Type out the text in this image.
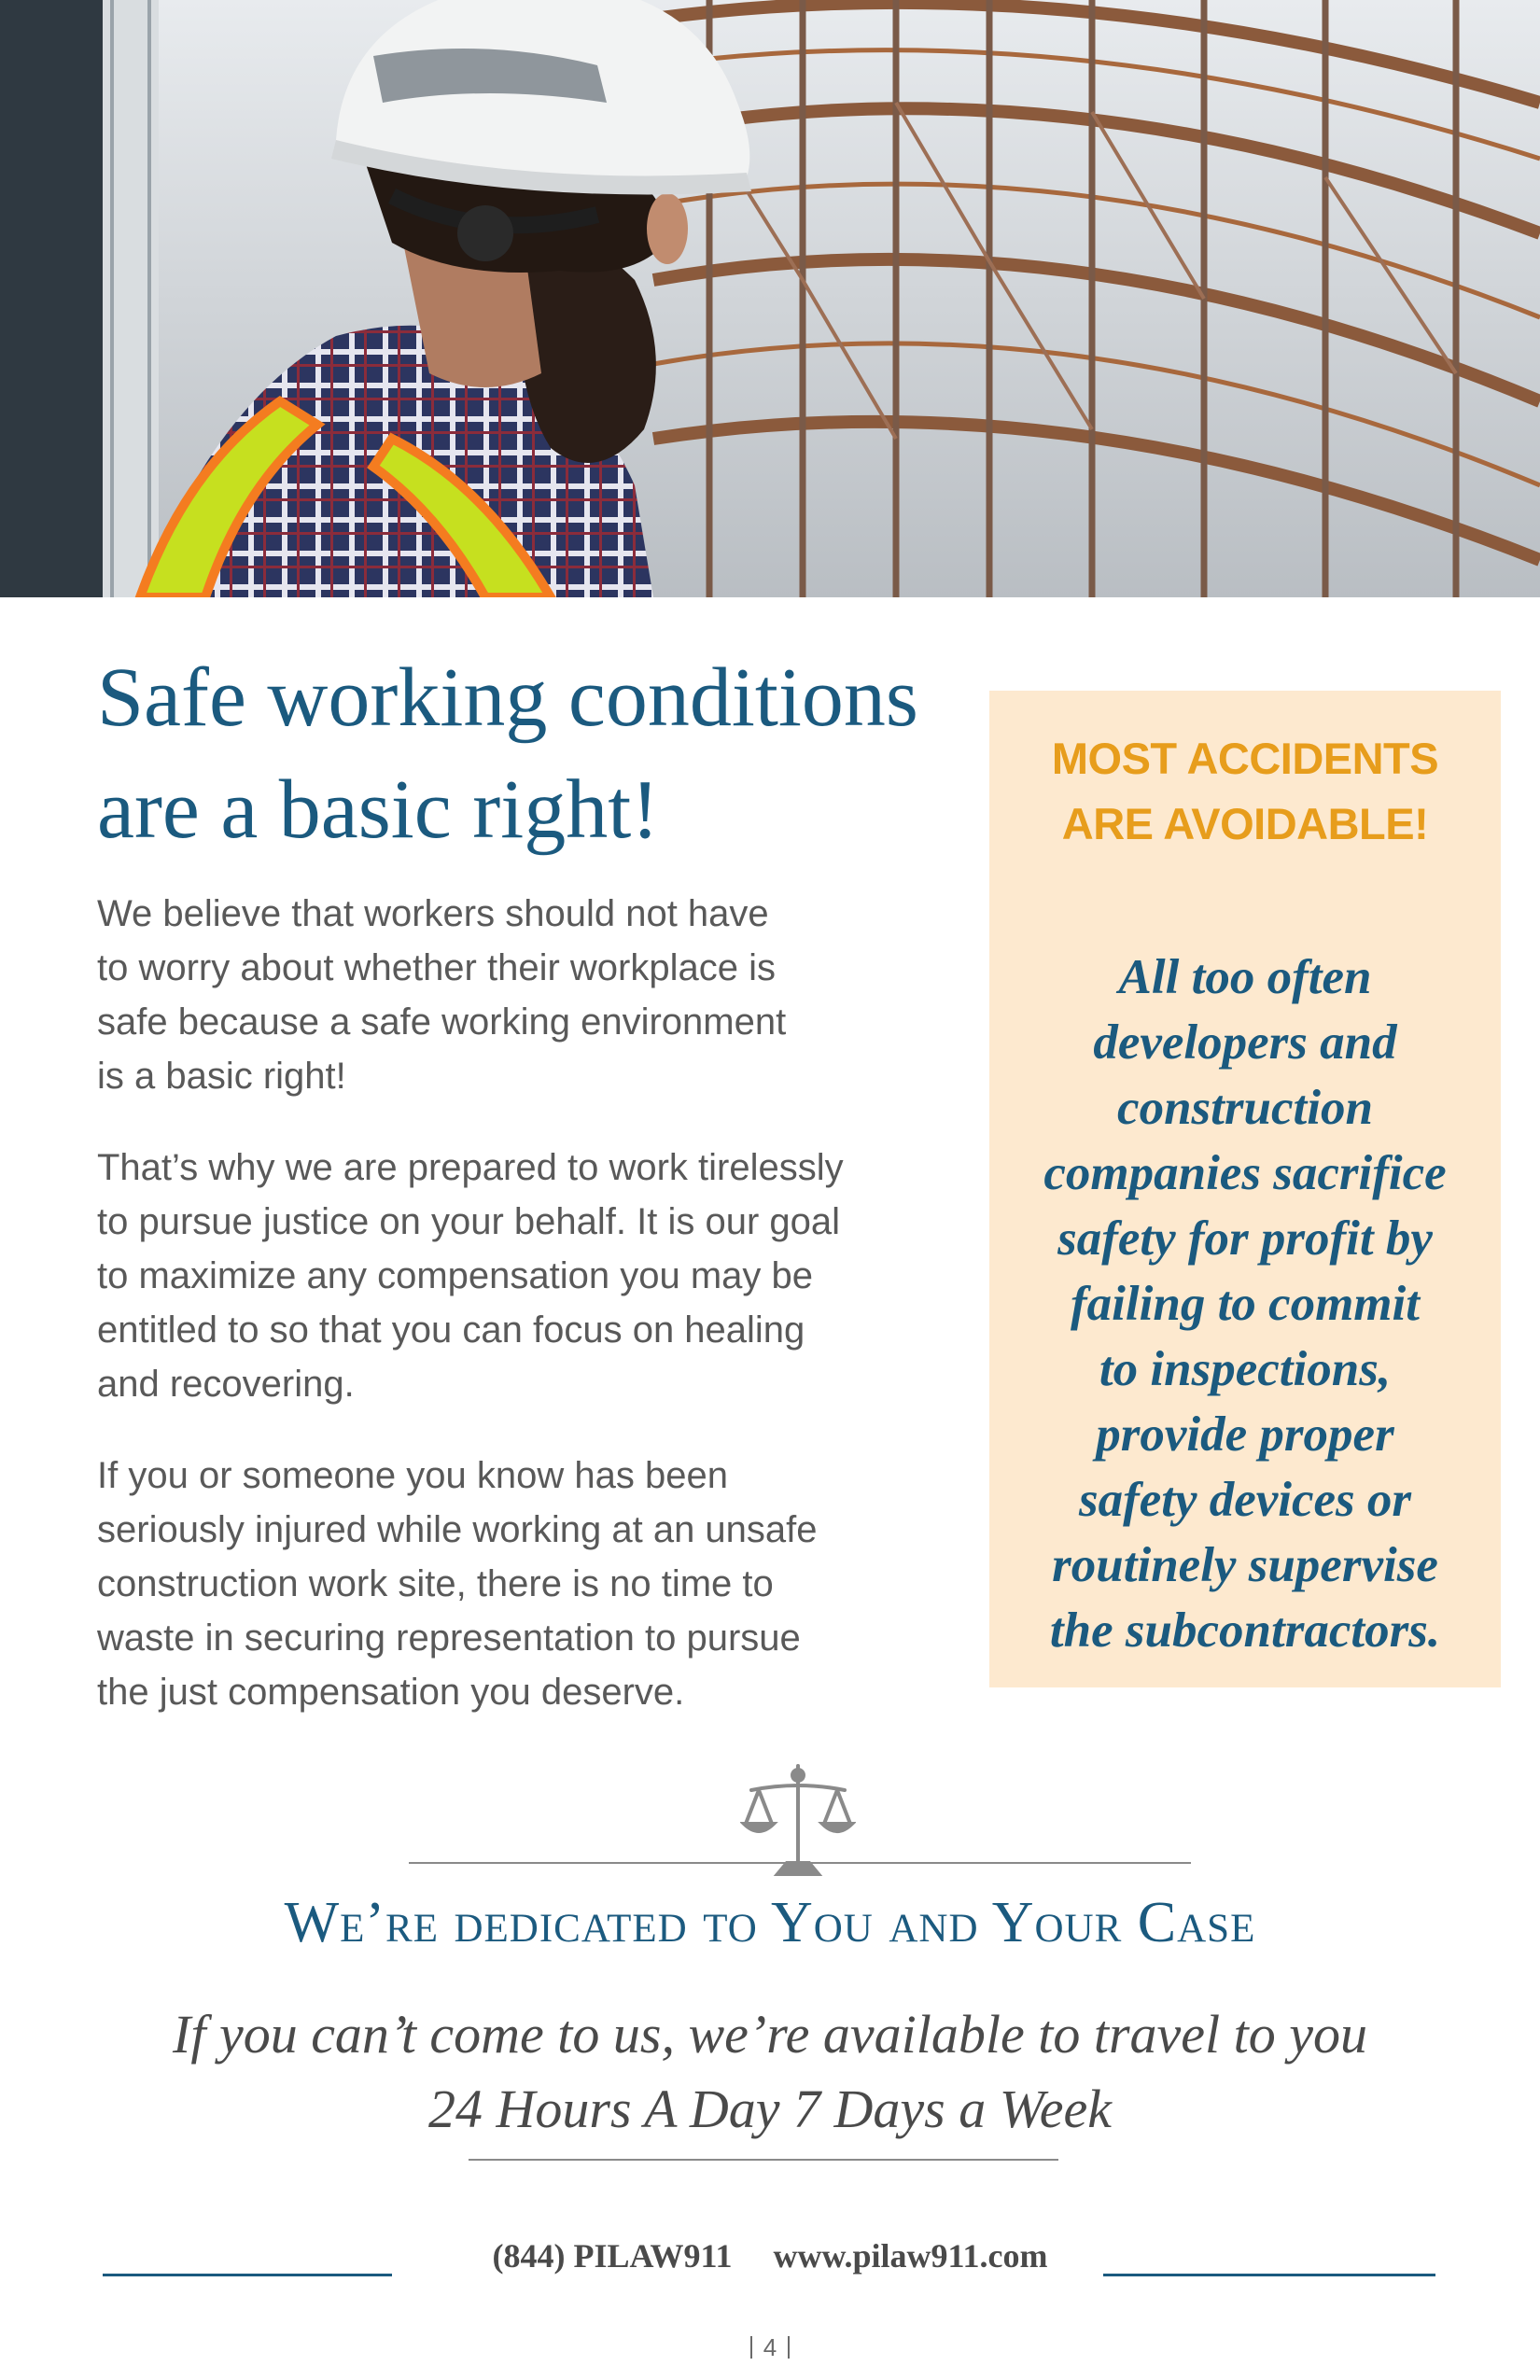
Safe working conditions
are a basic right!

We believe that workers should not have
to worry about whether their workplace is
safe because a safe working environment
is a basic right!

That’s why we are prepared to work tirelessly
to pursue justice on your behalf. It is our goal
to maximize any compensation you may be
entitled to so that you can focus on healing
and recovering.

If you or someone you know has been
seriously injured while working at an unsafe
construction work site, there is no time to
waste in securing representation to pursue
the just compensation you deserve.

MOST ACCIDENTS
ARE AVOIDABLE!
All too often
developers and
construction
companies sacrifice
safety for profit by
failing to commit
to inspections,
provide proper
safety devices or
routinely supervise
the subcontractors.
We’re dedicated to You and Your Case
If you can’t come to us, we’re available to travel to you
24 Hours A Day 7 Days a Week
(844) PILAW911 www.pilaw911.com
4
